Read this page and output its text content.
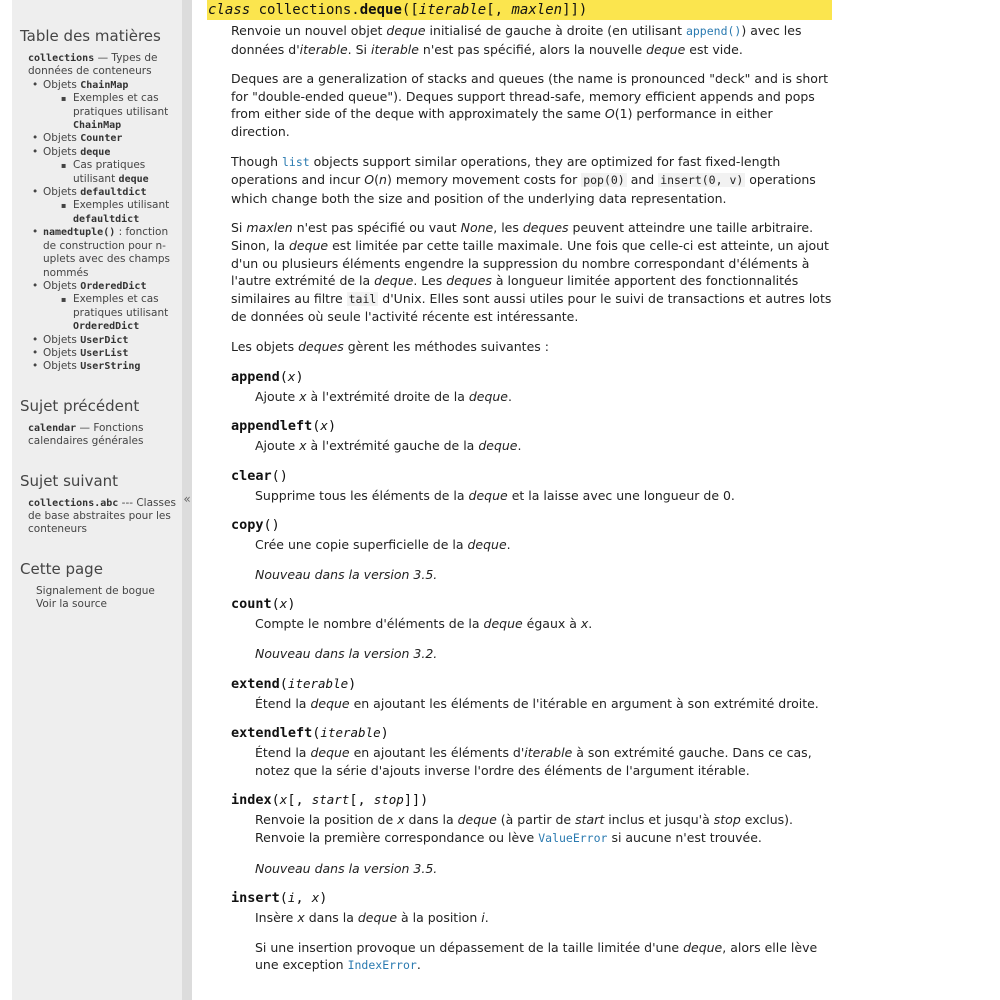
Table des matières
collections — Types de données de conteneurs
• Objets ChainMap
▪ Exemples et cas pratiques utilisant ChainMap
• Objets Counter
• Objets deque
▪ Cas pratiques utilisant deque
• Objets defaultdict
▪ Exemples utilisant defaultdict
• namedtuple() : fonction de construction pour n-uplets avec des champs nommés
• Objets OrderedDict
▪ Exemples et cas pratiques utilisant OrderedDict
• Objets UserDict
• Objets UserList
• Objets UserString
Sujet précédent
calendar — Fonctions calendaires générales
Sujet suivant
collections.abc --- Classes de base abstraites pour les conteneurs
Cette page
Signalement de bogue
Voir la source
«
class collections.deque([iterable[, maxlen]])

Renvoie un nouvel objet deque initialisé de gauche à droite (en utilisant append()) avec les données d'iterable. Si iterable n'est pas spécifié, alors la nouvelle deque est vide.

Deques are a generalization of stacks and queues (the name is pronounced "deck" and is short for "double-ended queue"). Deques support thread-safe, memory efficient appends and pops from either side of the deque with approximately the same O(1) performance in either direction.

Though list objects support similar operations, they are optimized for fast fixed-length operations and incur O(n) memory movement costs for pop(0) and insert(0, v) operations which change both the size and position of the underlying data representation.

Si maxlen n'est pas spécifié ou vaut None, les deques peuvent atteindre une taille arbitraire. Sinon, la deque est limitée par cette taille maximale. Une fois que celle-ci est atteinte, un ajout d'un ou plusieurs éléments engendre la suppression du nombre correspondant d'éléments à l'autre extrémité de la deque. Les deques à longueur limitée apportent des fonctionnalités similaires au filtre tail d'Unix. Elles sont aussi utiles pour le suivi de transactions et autres lots de données où seule l'activité récente est intéressante.

Les objets deques gèrent les méthodes suivantes :

append(x)

Ajoute x à l'extrémité droite de la deque.

appendleft(x)

Ajoute x à l'extrémité gauche de la deque.

clear()

Supprime tous les éléments de la deque et la laisse avec une longueur de 0.

copy()

Crée une copie superficielle de la deque.

Nouveau dans la version 3.5.

count(x)

Compte le nombre d'éléments de la deque égaux à x.

Nouveau dans la version 3.2.

extend(iterable)

Étend la deque en ajoutant les éléments de l'itérable en argument à son extrémité droite.

extendleft(iterable)

Étend la deque en ajoutant les éléments d'iterable à son extrémité gauche. Dans ce cas, notez que la série d'ajouts inverse l'ordre des éléments de l'argument itérable.

index(x[, start[, stop]])

Renvoie la position de x dans la deque (à partir de start inclus et jusqu'à stop exclus). Renvoie la première correspondance ou lève ValueError si aucune n'est trouvée.

Nouveau dans la version 3.5.

insert(i, x)

Insère x dans la deque à la position i.

Si une insertion provoque un dépassement de la taille limitée d'une deque, alors elle lève une exception IndexError.
